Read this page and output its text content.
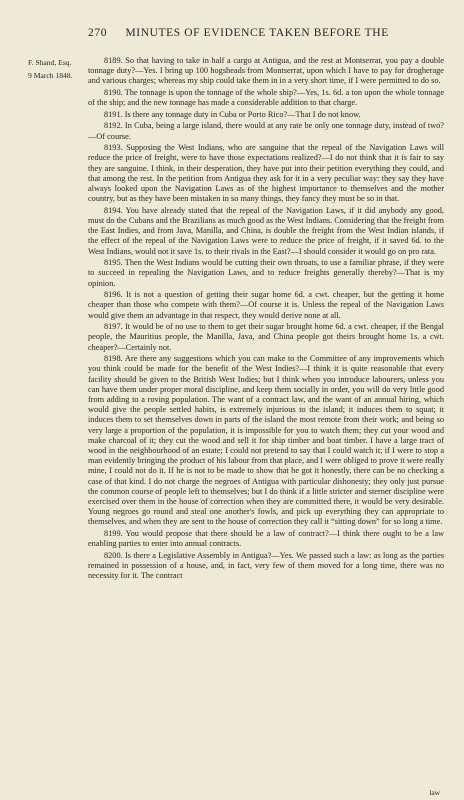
270 MINUTES OF EVIDENCE TAKEN BEFORE THE
F. Shand, Esq.
9 March 1848.

8189. So that having to take in half a cargo at Antigua, and the rest at Montserrat, you pay a double tonnage duty?—Yes. I bring up 100 hogsheads from Montserrat, upon which I have to pay for drogherage and various charges; whereas my ship could take them in in a very short time, if I were permitted to do so.

8190. The tonnage is upon the tonnage of the whole ship?—Yes, 1s. 6d. a ton upon the whole tonnage of the ship; and the new tonnage has made a considerable addition to that charge.

8191. Is there any tonnage duty in Cuba or Porto Rico?—That I do not know.

8192. In Cuba, being a large island, there would at any rate be only one tonnage duty, instead of two?—Of course.

8193. Supposing the West Indians, who are sanguine that the repeal of the Navigation Laws will reduce the price of freight, were to have those expectations realized?—I do not think that it is fair to say they are sanguine. I think, in their desperation, they have put into their petition everything they could, and that among the rest. In the petition from Antigua they ask for it in a very peculiar way: they say they have always looked upon the Navigation Laws as of the highest importance to themselves and the mother country, but as they have been mistaken in so many things, they fancy they must be so in that.

8194. You have already stated that the repeal of the Navigation Laws, if it did anybody any good, must do the Cubans and the Brazilians as much good as the West Indians. Considering that the freight from the East Indies, and from Java, Manilla, and China, is double the freight from the West Indian islands, if the effect of the repeal of the Navigation Laws were to reduce the price of freight, if it saved 6d. to the West Indians, would not it save 1s. to their rivals in the East?—I should consider it would go on pro rata.

8195. Then the West Indians would be cutting their own throats, to use a familiar phrase, if they were to succeed in repealing the Navigation Laws, and to reduce freights generally thereby?—That is my opinion.

8196. It is not a question of getting their sugar home 6d. a cwt. cheaper, but the getting it home cheaper than those who compete with them?—Of course it is. Unless the repeal of the Navigation Laws would give them an advantage in that respect, they would derive none at all.

8197. It would be of no use to them to get their sugar brought home 6d. a cwt. cheaper, if the Bengal people, the Mauritius people, the Manilla, Java, and China people got theirs brought home 1s. a cwt. cheaper?—Certainly not.

8198. Are there any suggestions which you can make to the Committee of any improvements which you think could be made for the benefit of the West Indies?—I think it is quite reasonable that every facility should be given to the British West Indies; but I think when you introduce labourers, unless you can have them under proper moral discipline, and keep them socially in order, you will do very little good from adding to a roving population. The want of a contract law, and the want of an annual hiring, which would give the people settled habits, is extremely injurious to the island; it induces them to squat; it induces them to set themselves down in parts of the island the most remote from their work; and being so very large a proportion of the population, it is impossible for you to watch them; they cut your wood and make charcoal of it; they cut the wood and sell it for ship timber and boat timber. I have a large tract of wood in the neighbourhood of an estate; I could not pretend to say that I could watch it; if I were to stop a man evidently bringing the product of his labour from that place, and I were obliged to prove it were really mine, I could not do it. If he is not to be made to show that he got it honestly, there can be no checking a case of that kind. I do not charge the negroes of Antigua with particular dishonesty; they only just pursue the common course of people left to themselves; but I do think if a little stricter and sterner discipline were exercised over them in the house of correction when they are committed there, it would be very desirable. Young negroes go round and steal one another's fowls, and pick up everything they can appropriate to themselves, and when they are sent to the house of correction they call it “sitting down” for so long a time.

8199. You would propose that there should be a law of contract?—I think there ought to be a law enabling parties to enter into annual contracts.

8200. Is there a Legislative Assembly in Antigua?—Yes. We passed such a law: as long as the parties remained in possession of a house, and, in fact, very few of them moved for a long time, there was no necessity for it. The contract

law
